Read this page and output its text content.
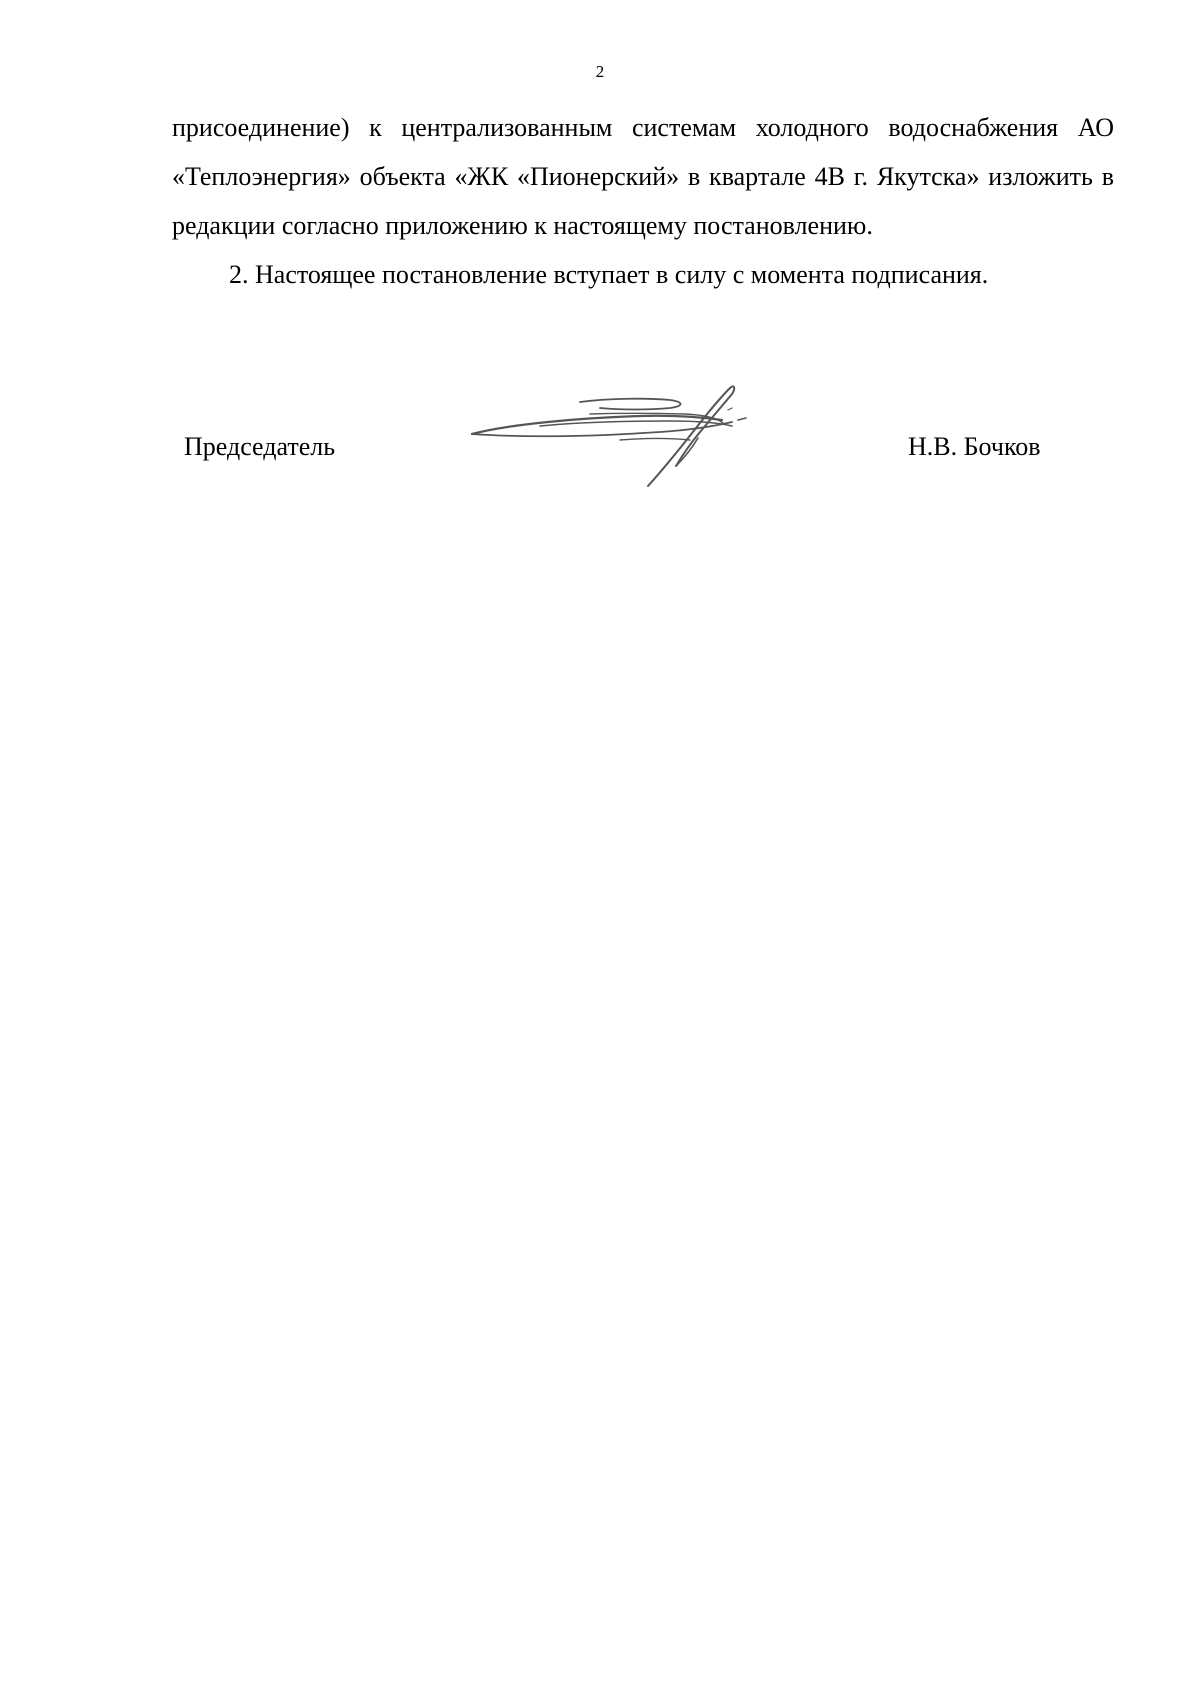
2

присоединение) к централизованным системам холодного водоснабжения АО «Теплоэнергия» объекта «ЖК «Пионерский» в квартале 4В г. Якутска» изложить в редакции согласно приложению к настоящему постановлению.

2. Настоящее постановление вступает в силу с момента подписания.

Председатель	Н.В. Бочков
